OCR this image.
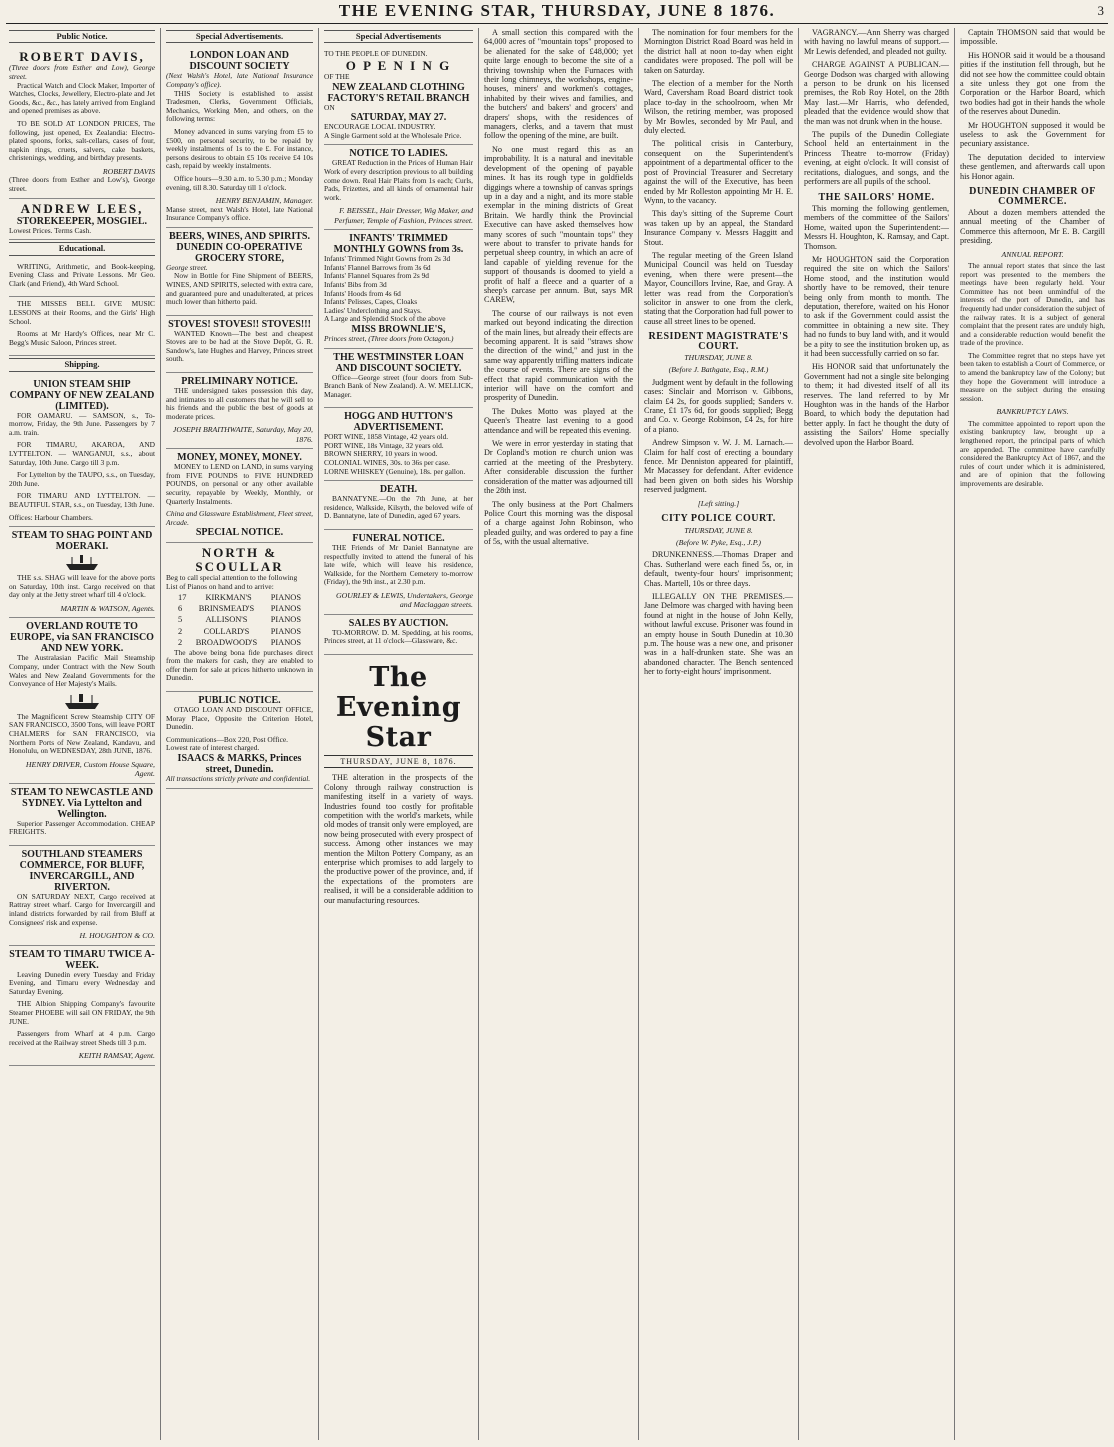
THE EVENING STAR, THURSDAY, JUNE 8 1876.	3
Public Notice.
ROBERT DAVIS,
(Three doors from Esther and Low), George street.

Practical Watch and Clock Maker, Importer of Watches, Clocks, Jewellery, Electro-plate and Jet Goods, &c., &c., has lately arrived from England and opened premises as above.

TO BE SOLD AT LONDON PRICES, The following, just opened, Ex Zealandia: Electro-plated spoons, forks, salt-cellars, cases of four, napkin rings, cruets, salvers, cake baskets, christenings, wedding, and birthday presents.

ROBERT DAVIS
(Three doors from Esther and Low's), George street.
ANDREW LEES,
STOREKEEPER, MOSGIEL.
Lowest Prices. Terms Cash.
Educational.

WRITING, Arithmetic, and Book-keeping, Evening Class and Private Lessons. Mr Geo. Clark (and Friend), 4th Ward School.

THE MISSES BELL GIVE MUSIC LESSONS at their Rooms, and the Girls' High School.

Rooms at Mr Hardy's Offices, near Mr C. Begg's Music Saloon, Princes street.

Shipping.
UNION STEAM SHIP COMPANY OF NEW ZEALAND (LIMITED).

FOR OAMARU. — SAMSON, s., To-morrow, Friday, the 9th June. Passengers by 7 a.m. train.

FOR TIMARU, AKAROA, AND LYTTELTON. — WANGANUI, s.s., about Saturday, 10th June. Cargo till 3 p.m.

For Lyttelton by the TAUPO, s.s., on Tuesday, 20th June.

FOR TIMARU AND LYTTELTON. — BEAUTIFUL STAR, s.s., on Tuesday, 13th June.

Offices: Harbour Chambers.
STEAM TO SHAG POINT AND MOERAKI.

THE s.s. SHAG will leave for the above ports on Saturday, 10th inst. Cargo received on that day only at the Jetty street wharf till 4 o'clock.

MARTIN & WATSON, Agents.
OVERLAND ROUTE TO EUROPE, via SAN FRANCISCO AND NEW YORK.

The Australasian Pacific Mail Steamship Company, under Contract with the New South Wales and New Zealand Governments for the Conveyance of Her Majesty's Mails.

The Magnificent Screw Steamship CITY OF SAN FRANCISCO, 3500 Tons, will leave PORT CHALMERS for SAN FRANCISCO, via Northern Ports of New Zealand, Kandavu, and Honolulu, on WEDNESDAY, 28th JUNE, 1876.

HENRY DRIVER, Custom House Square, Agent.
STEAM TO NEWCASTLE AND SYDNEY. Via Lyttelton and Wellington.

Superior Passenger Accommodation. CHEAP FREIGHTS.

SOUTHLAND STEAMERS
COMMERCE, FOR BLUFF, INVERCARGILL, AND RIVERTON.

ON SATURDAY NEXT, Cargo received at Rattray street wharf. Cargo for Invercargill and inland districts forwarded by rail from Bluff at Consignees' risk and expense.

H. HOUGHTON & CO.
STEAM TO TIMARU TWICE A-WEEK.

Leaving Dunedin every Tuesday and Friday Evening, and Timaru every Wednesday and Saturday Evening.

THE Albion Shipping Company's favourite Steamer PHOEBE will sail ON FRIDAY, the 9th JUNE.

Passengers from Wharf at 4 p.m. Cargo received at the Railway street Sheds till 3 p.m.

KEITH RAMSAY, Agent.
Special Advertisements.
LONDON LOAN AND DISCOUNT SOCIETY
(Next Walsh's Hotel, late National Insurance Company's office).

THIS Society is established to assist Tradesmen, Clerks, Government Officials, Mechanics, Working Men, and others, on the following terms:

Money advanced in sums varying from £5 to £500, on personal security, to be repaid by weekly instalments of 1s to the £. For instance, persons desirous to obtain £5 10s receive £4 10s cash, repaid by weekly instalments.

Office hours—9.30 a.m. to 5.30 p.m.; Monday evening, till 8.30. Saturday till 1 o'clock.

HENRY BENJAMIN, Manager.
Manse street, next Walsh's Hotel, late National Insurance Company's office.
BEERS, WINES, AND SPIRITS.
DUNEDIN CO-OPERATIVE GROCERY STORE,
George street.

Now in Bottle for Fine Shipment of BEERS, WINES, AND SPIRITS, selected with extra care, and guaranteed pure and unadulterated, at prices much lower than hitherto paid.

STOVES! STOVES!! STOVES!!!

WANTED Known—The best and cheapest Stoves are to be had at the Stove Depôt, G. R. Sandow's, late Hughes and Harvey, Princes street south.

PRELIMINARY NOTICE.

THE undersigned takes possession this day, and intimates to all customers that he will sell to his friends and the public the best of goods at moderate prices.

JOSEPH BRAITHWAITE, Saturday, May 20, 1876.
MONEY, MONEY, MONEY.

MONEY to LEND on LAND, in sums varying from FIVE POUNDS to FIVE HUNDRED POUNDS, on personal or any other available security, repayable by Weekly, Monthly, or Quarterly Instalments.

China and Glassware Establishment, Fleet street, Arcade.
SPECIAL NOTICE.
NORTH & SCOULLAR
Beg to call special attention to the following
List of Pianos on hand and to arrive:
17 KIRKMAN'S PIANOS
6 BRINSMEAD'S PIANOS
5	ALLISON'S	PIANOS
2	COLLARD'S	PIANOS
2 BROADWOOD'S PIANOS

The above being bona fide purchases direct from the makers for cash, they are enabled to offer them for sale at prices hitherto unknown in Dunedin.

PUBLIC NOTICE.

OTAGO LOAN AND DISCOUNT OFFICE, Moray Place, Opposite the Criterion Hotel, Dunedin.

Communications—Box 220, Post Office.
Lowest rate of interest charged.
ISAACS & MARKS, Princes street, Dunedin.
All transactions strictly private and confidential.
Special Advertisements
TO THE PEOPLE OF DUNEDIN.
O P E N I N G
OF THE
NEW ZEALAND CLOTHING FACTORY'S RETAIL BRANCH
ON
SATURDAY, MAY 27.
ENCOURAGE LOCAL INDUSTRY.
A Single Garment sold at the Wholesale Price.
NOTICE TO LADIES.

GREAT Reduction in the Prices of Human Hair Work of every description previous to all building come down. Real Hair Plaits from 1s each; Curls, Pads, Frizettes, and all kinds of ornamental hair work.

F. BEISSEL, Hair Dresser, Wig Maker, and Perfumer, Temple of Fashion, Princes street.
INFANTS' TRIMMED MONTHLY GOWNS from 3s.
Infants' Trimmed Night Gowns from 2s 3d
Infants' Flannel Barrows from 3s 6d
Infants' Flannel Squares from 2s 9d
Infants' Bibs from 3d
Infants' Hoods from 4s 6d
Infants' Pelisses, Capes, Cloaks
Ladies' Underclothing and Stays.
A Large and Splendid Stock of the above
MISS BROWNLIE'S,
Princes street, (Three doors from Octagon.)
THE WESTMINSTER LOAN AND DISCOUNT SOCIETY.

Office—George street (four doors from Sub-Branch Bank of New Zealand). A. W. MELLICK, Manager.

HOGG AND HUTTON'S ADVERTISEMENT.
PORT WINE, 1858 Vintage, 42 years old.
PORT WINE, 18s Vintage, 32 years old.
BROWN SHERRY, 10 years in wood.
COLONIAL WINES, 30s. to 36s per case.
LORNE WHISKEY (Genuine), 18s. per gallon.
DEATH.

BANNATYNE.—On the 7th June, at her residence, Walkside, Kilsyth, the beloved wife of D. Bannatyne, late of Dunedin, aged 67 years.

FUNERAL NOTICE.

THE Friends of Mr Daniel Bannatyne are respectfully invited to attend the funeral of his late wife, which will leave his residence, Walkside, for the Northern Cemetery to-morrow (Friday), the 9th inst., at 2.30 p.m.

GOURLEY & LEWIS, Undertakers, George and Maclaggan streets.
SALES BY AUCTION.

TO-MORROW. D. M. Spedding, at his rooms, Princes street, at 11 o'clock—Glassware, &c.

The Evening Star
THURSDAY, JUNE 8, 1876.

THE alteration in the prospects of the Colony through railway construction is manifesting itself in a variety of ways. Industries found too costly for profitable competition with the world's markets, while old modes of transit only were employed, are now being prosecuted with every prospect of success. Among other instances we may mention the Milton Pottery Company, as an enterprise which promises to add largely to the productive power of the province, and, if the expectations of the promoters are realised, it will be a considerable addition to our manufacturing resources.

A small section this compared with the 64,000 acres of "mountain tops" proposed to be alienated for the sake of £48,000; yet quite large enough to become the site of a thriving township when the Furnaces with their long chimneys, the workshops, engine-houses, miners' and workmen's cottages, inhabited by their wives and families, and the butchers' and bakers' and grocers' and drapers' shops, with the residences of managers, clerks, and a tavern that must follow the opening of the mine, are built.

No one must regard this as an improbability. It is a natural and inevitable development of the opening of payable mines. It has its rough type in goldfields diggings where a township of canvas springs up in a day and a night, and its more stable exemplar in the mining districts of Great Britain. We hardly think the Provincial Executive can have asked themselves how many scores of such "mountain tops" they were about to transfer to private hands for perpetual sheep country, in which an acre of land capable of yielding revenue for the support of thousands is doomed to yield a profit of half a fleece and a quarter of a sheep's carcase per annum. But, says MR CAREW,

The course of our railways is not even marked out beyond indicating the direction of the main lines, but already their effects are becoming apparent. It is said "straws show the direction of the wind," and just in the same way apparently trifling matters indicate the course of events. There are signs of the effect that rapid communication with the interior will have on the comfort and prosperity of Dunedin.

The Dukes Motto was played at the Queen's Theatre last evening to a good attendance and will be repeated this evening.

We were in error yesterday in stating that Dr Copland's motion re church union was carried at the meeting of the Presbytery. After considerable discussion the further consideration of the matter was adjourned till the 28th inst.

The only business at the Port Chalmers Police Court this morning was the disposal of a charge against John Robinson, who pleaded guilty, and was ordered to pay a fine of 5s, with the usual alternative.

The nomination for four members for the Mornington District Road Board was held in the district hall at noon to-day when eight candidates were proposed. The poll will be taken on Saturday.

The election of a member for the North Ward, Caversham Road Board district took place to-day in the schoolroom, when Mr Wilson, the retiring member, was proposed by Mr Bowles, seconded by Mr Paul, and duly elected.

The political crisis in Canterbury, consequent on the Superintendent's appointment of a departmental officer to the post of Provincial Treasurer and Secretary against the will of the Executive, has been ended by Mr Rolleston appointing Mr H. E. Wynn, to the vacancy.

This day's sitting of the Supreme Court was taken up by an appeal, the Standard Insurance Company v. Messrs Haggitt and Stout.

The regular meeting of the Green Island Municipal Council was held on Tuesday evening, when there were present—the Mayor, Councillors Irvine, Rae, and Gray. A letter was read from the Corporation's solicitor in answer to one from the clerk, stating that the Corporation had full power to cause all street lines to be opened.

RESIDENT MAGISTRATE'S COURT.
THURSDAY, JUNE 8.
(Before J. Bathgate, Esq., R.M.)

Judgment went by default in the following cases: Sinclair and Morrison v. Gibbons, claim £4 2s, for goods supplied; Sanders v. Crane, £1 17s 6d, for goods supplied; Begg and Co. v. George Robinson, £4 2s, for hire of a piano.

Andrew Simpson v. W. J. M. Larnach.—Claim for half cost of erecting a boundary fence. Mr Denniston appeared for plaintiff, Mr Macassey for defendant. After evidence had been given on both sides his Worship reserved judgment.

[Left sitting.]
CITY POLICE COURT.
THURSDAY, JUNE 8.
(Before W. Pyke, Esq., J.P.)

DRUNKENNESS.—Thomas Draper and Chas. Sutherland were each fined 5s, or, in default, twenty-four hours' imprisonment; Chas. Martell, 10s or three days.

ILLEGALLY ON THE PREMISES.—Jane Delmore was charged with having been found at night in the house of John Kelly, without lawful excuse. Prisoner was found in an empty house in South Dunedin at 10.30 p.m. The house was a new one, and prisoner was in a half-drunken state. She was an abandoned character. The Bench sentenced her to forty-eight hours' imprisonment.

VAGRANCY.—Ann Sherry was charged with having no lawful means of support.—Mr Lewis defended, and pleaded not guilty.

CHARGE AGAINST A PUBLICAN.—George Dodson was charged with allowing a person to be drunk on his licensed premises, the Rob Roy Hotel, on the 28th May last.—Mr Harris, who defended, pleaded that the evidence would show that the man was not drunk when in the house.

The pupils of the Dunedin Collegiate School held an entertainment in the Princess Theatre to-morrow (Friday) evening, at eight o'clock. It will consist of recitations, dialogues, and songs, and the performers are all pupils of the school.

THE SAILORS' HOME.

This morning the following gentlemen, members of the committee of the Sailors' Home, waited upon the Superintendent:—Messrs H. Houghton, K. Ramsay, and Capt. Thomson.

Mr HOUGHTON said the Corporation required the site on which the Sailors' Home stood, and the institution would shortly have to be removed, their tenure being only from month to month. The deputation, therefore, waited on his Honor to ask if the Government could assist the committee in obtaining a new site. They had no funds to buy land with, and it would be a pity to see the institution broken up, as it had been successfully carried on so far.

His HONOR said that unfortunately the Government had not a single site belonging to them; it had divested itself of all its reserves. The land referred to by Mr Houghton was in the hands of the Harbor Board, to which body the deputation had better apply. In fact he thought the duty of assisting the Sailors' Home specially devolved upon the Harbor Board.

Captain THOMSON said that would be impossible.

His HONOR said it would be a thousand pities if the institution fell through, but he did not see how the committee could obtain a site unless they got one from the Corporation or the Harbor Board, which two bodies had got in their hands the whole of the reserves about Dunedin.

Mr HOUGHTON supposed it would be useless to ask the Government for pecuniary assistance.

The deputation decided to interview these gentlemen, and afterwards call upon his Honor again.

DUNEDIN CHAMBER OF COMMERCE.

About a dozen members attended the annual meeting of the Chamber of Commerce this afternoon, Mr E. B. Cargill presiding.

ANNUAL REPORT.

The annual report states that since the last report was presented to the members the meetings have been regularly held. Your Committee has not been unmindful of the interests of the port of Dunedin, and has frequently had under consideration the subject of the railway rates. It is a subject of general complaint that the present rates are unduly high, and a considerable reduction would benefit the trade of the province.

The Committee regret that no steps have yet been taken to establish a Court of Commerce, or to amend the bankruptcy law of the Colony; but they hope the Government will introduce a measure on the subject during the ensuing session.

BANKRUPTCY LAWS.

The committee appointed to report upon the existing bankruptcy law, brought up a lengthened report, the principal parts of which are appended. The committee have carefully considered the Bankruptcy Act of 1867, and the rules of court under which it is administered, and are of opinion that the following improvements are desirable.
